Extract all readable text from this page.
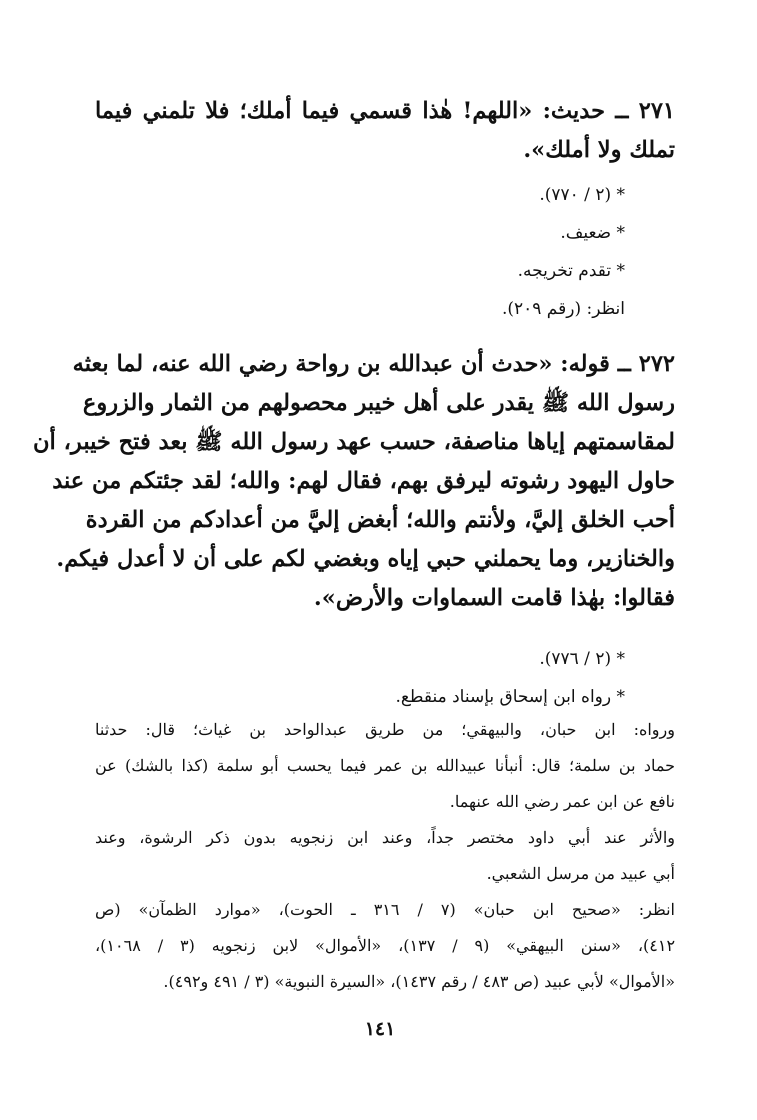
٢٧١ ــ حديث: «اللهم! هٰذا قسمي فيما أملك؛ فلا تلمني فيما
تملك ولا أملك».
* (٢ / ٧٧٠).
* ضعيف.
* تقدم تخريجه.
انظر: (رقم ٢٠٩).
٢٧٢ ــ قوله: «حدث أن عبدالله بن رواحة رضي الله عنه، لما بعثه
رسول الله ﷺ يقدر على أهل خيبر محصولهم من الثمار والزروع
لمقاسمتهم إياها مناصفة، حسب عهد رسول الله ﷺ بعد فتح خيبر، أن
حاول اليهود رشوته ليرفق بهم، فقال لهم: والله؛ لقد جئتكم من عند
أحب الخلق إليَّ، ولأنتم والله؛ أبغض إليَّ من أعدادكم من القردة
والخنازير، وما يحملني حبي إياه وبغضي لكم على أن لا أعدل فيكم.
فقالوا: بهٰذا قامت السماوات والأرض».
* (٢ / ٧٧٦).
* رواه ابن إسحاق بإسناد منقطع.
ورواه: ابن حبان، والبيهقي؛ من طريق عبدالواحد بن غياث؛ قال: حدثنا
حماد بن سلمة؛ قال: أنبأنا عبيدالله بن عمر فيما يحسب أبو سلمة (كذا بالشك) عن
نافع عن ابن عمر رضي الله عنهما.
والأثر عند أبي داود مختصر جداً، وعند ابن زنجويه بدون ذكر الرشوة، وعند
أبي عبيد من مرسل الشعبي.
انظر: «صحيح ابن حبان» (٧ / ٣١٦ ـ الحوت)، «موارد الظمآن» (ص
٤١٢)، «سنن البيهقي» (٩ / ١٣٧)، «الأموال» لابن زنجويه (٣ / ١٠٦٨)،
«الأموال» لأبي عبيد (ص ٤٨٣ / رقم ١٤٣٧)، «السيرة النبوية» (٣ / ٤٩١ و٤٩٢).
١٤١
